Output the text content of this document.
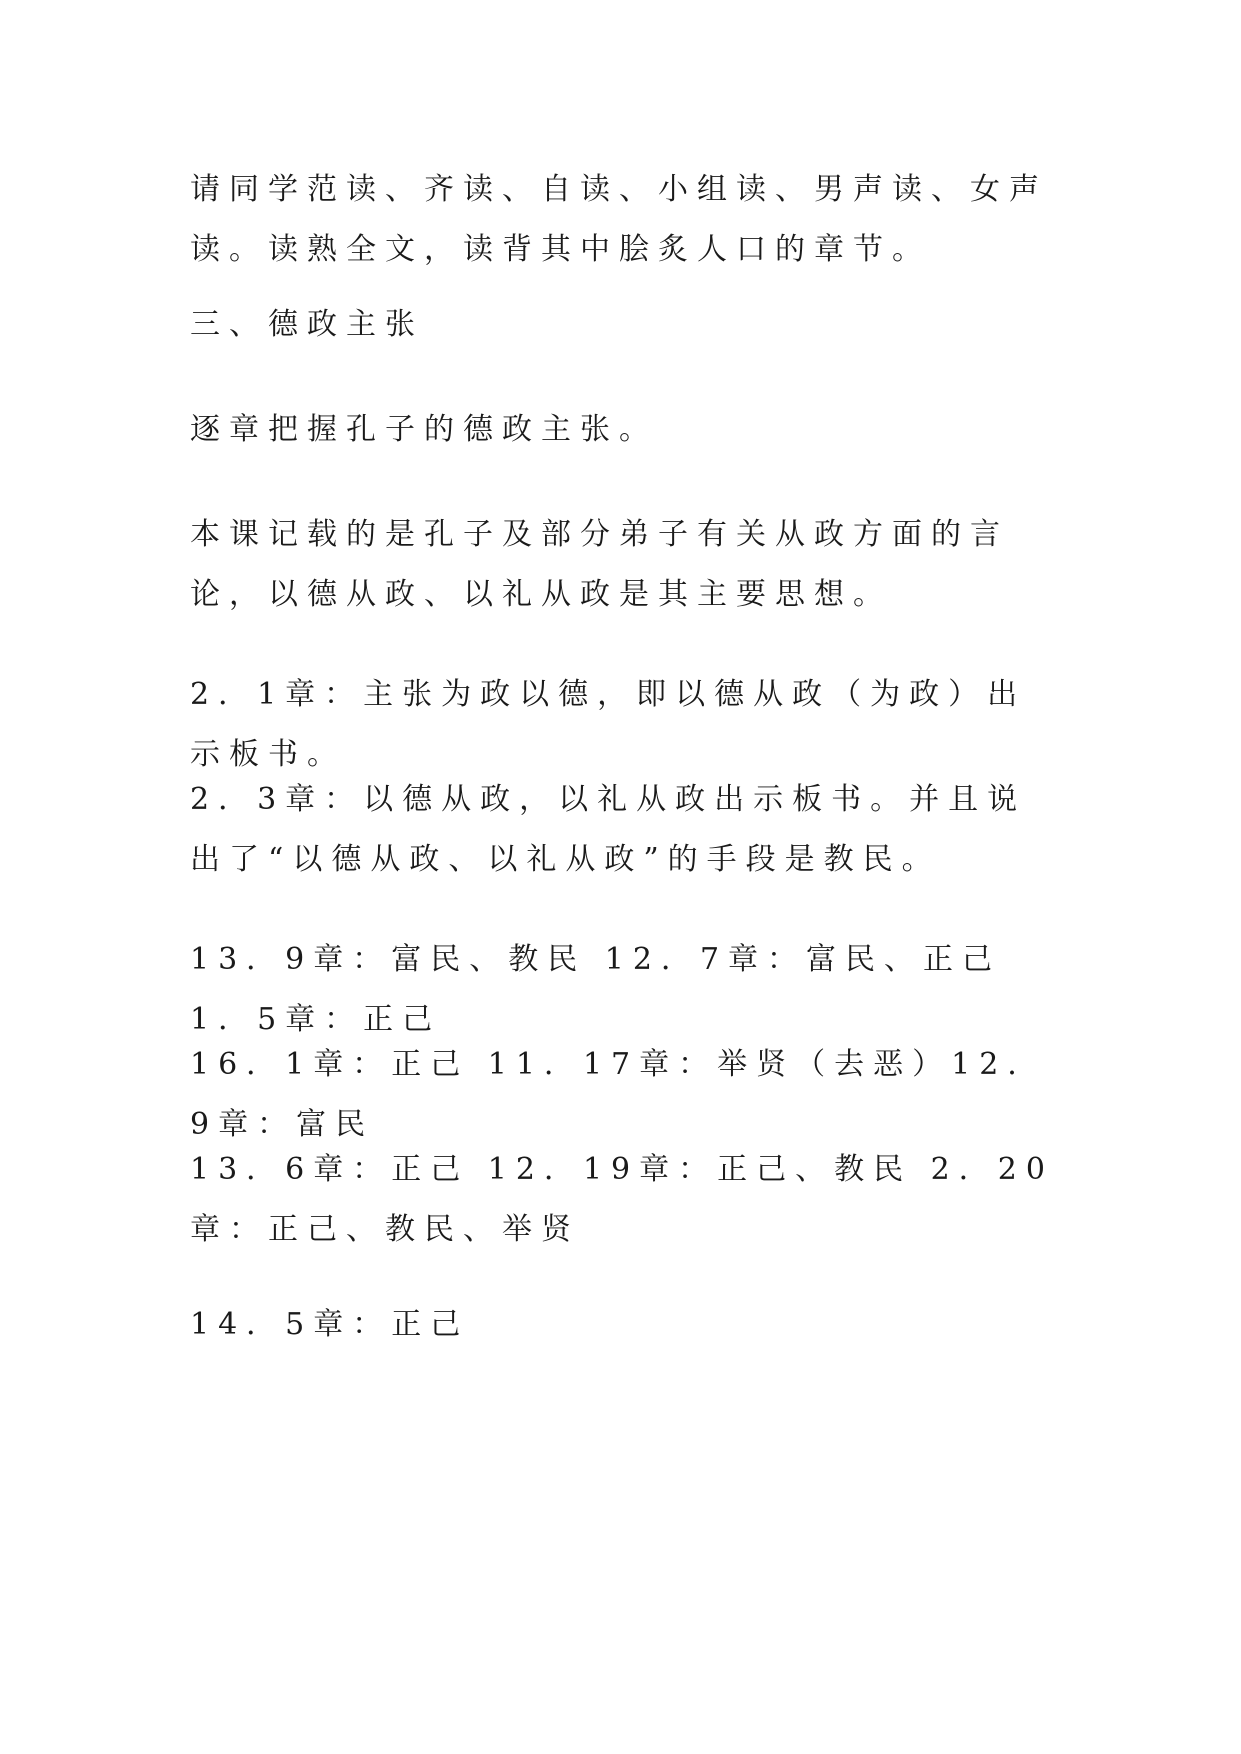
请同学范读、齐读、自读、小组读、男声读、女声读。读熟全文，读背其中脍炙人口的章节。

三、德政主张

逐章把握孔子的德政主张。

本课记载的是孔子及部分弟子有关从政方面的言论，以德从政、以礼从政是其主要思想。

2．1章：主张为政以德，即以德从政（为政）出示板书。

2．3章：以德从政，以礼从政出示板书。并且说出了“以德从政、以礼从政”的手段是教民。

13．9章：富民、教民 12．7章：富民、正己 1．5章：正己

16．1章：正己 11．17章：举贤（去恶）12．9章：富民

13．6章：正己 12．19章：正己、教民 2．20章：正己、教民、举贤

14．5章：正己
